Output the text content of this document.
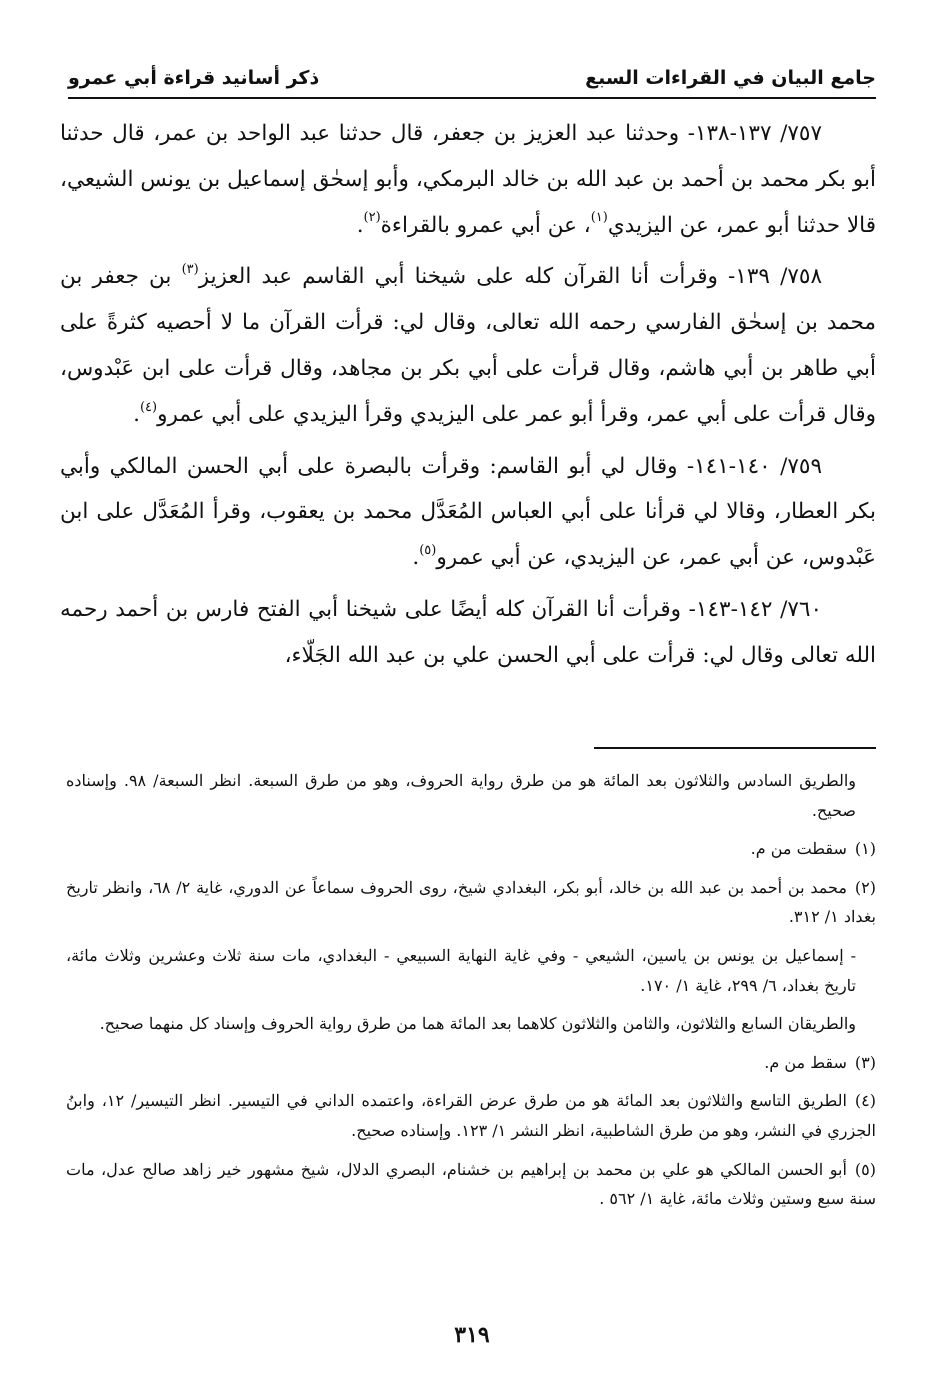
جامع البيان في القراءات السبع
ذكر أسانيد قراءة أبي عمرو

٧٥٧/ ١٣٧-١٣٨- وحدثنا عبد العزيز بن جعفر، قال حدثنا عبد الواحد بن عمر، قال حدثنا أبو بكر محمد بن أحمد بن عبد الله بن خالد البرمكي، وأبو إسحٰق إسماعيل بن يونس الشيعي، قالا حدثنا أبو عمر، عن اليزيدي$^{(١)}$، عن أبي عمرو بالقراءة$^{(٢)}$.

٧٥٨/ ١٣٩- وقرأت أنا القرآن كله على شيخنا أبي القاسم عبد العزيز$^{(٣)}$ بن جعفر بن محمد بن إسحٰق الفارسي رحمه الله تعالى، وقال لي: قرأت القرآن ما لا أحصيه كثرةً على أبي طاهر بن أبي هاشم، وقال قرأت على أبي بكر بن مجاهد، وقال قرأت على ابن عَبْدوس، وقال قرأت على أبي عمر، وقرأ أبو عمر على اليزيدي وقرأ اليزيدي على أبي عمرو$^{(٤)}$.

٧٥٩/ ١٤٠-١٤١- وقال لي أبو القاسم: وقرأت بالبصرة على أبي الحسن المالكي وأبي بكر العطار، وقالا لي قرأنا على أبي العباس المُعَدَّل محمد بن يعقوب، وقرأ المُعَدَّل على ابن عَبْدوس، عن أبي عمر، عن اليزيدي، عن أبي عمرو$^{(٥)}$.

٧٦٠/ ١٤٢-١٤٣- وقرأت أنا القرآن كله أيضًا على شيخنا أبي الفتح فارس بن أحمد رحمه الله تعالى وقال لي: قرأت على أبي الحسن علي بن عبد الله الجَلّاء،

والطريق السادس والثلاثون بعد المائة هو من طرق رواية الحروف، وهو من طرق السبعة. انظر السبعة/ ٩٨. وإسناده صحيح.

(١)سقطت من م.

(٢)محمد بن أحمد بن عبد الله بن خالد، أبو بكر، البغدادي شيخ، روى الحروف سماعاً عن الدوري، غاية ٢/ ٦٨، وانظر تاريخ بغداد ١/ ٣١٢.

- إسماعيل بن يونس بن ياسين، الشيعي - وفي غاية النهاية السبيعي - البغدادي، مات سنة ثلاث وعشرين وثلاث مائة، تاريخ بغداد، ٦/ ٢٩٩، غاية ١/ ١٧٠.

والطريقان السابع والثلاثون، والثامن والثلاثون كلاهما بعد المائة هما من طرق رواية الحروف وإسناد كل منهما صحيح.

(٣)سقط من م.

(٤)الطريق التاسع والثلاثون بعد المائة هو من طرق عرض القراءة، واعتمده الداني في التيسير. انظر التيسير/ ١٢، وابنُ الجزري في النشر، وهو من طرق الشاطبية، انظر النشر ١/ ١٢٣. وإسناده صحيح.

(٥)أبو الحسن المالكي هو علي بن محمد بن إبراهيم بن خشنام، البصري الدلال، شيخ مشهور خير زاهد صالح عدل، مات سنة سبع وستين وثلاث مائة، غاية ١/ ٥٦٢ .

٣١٩
